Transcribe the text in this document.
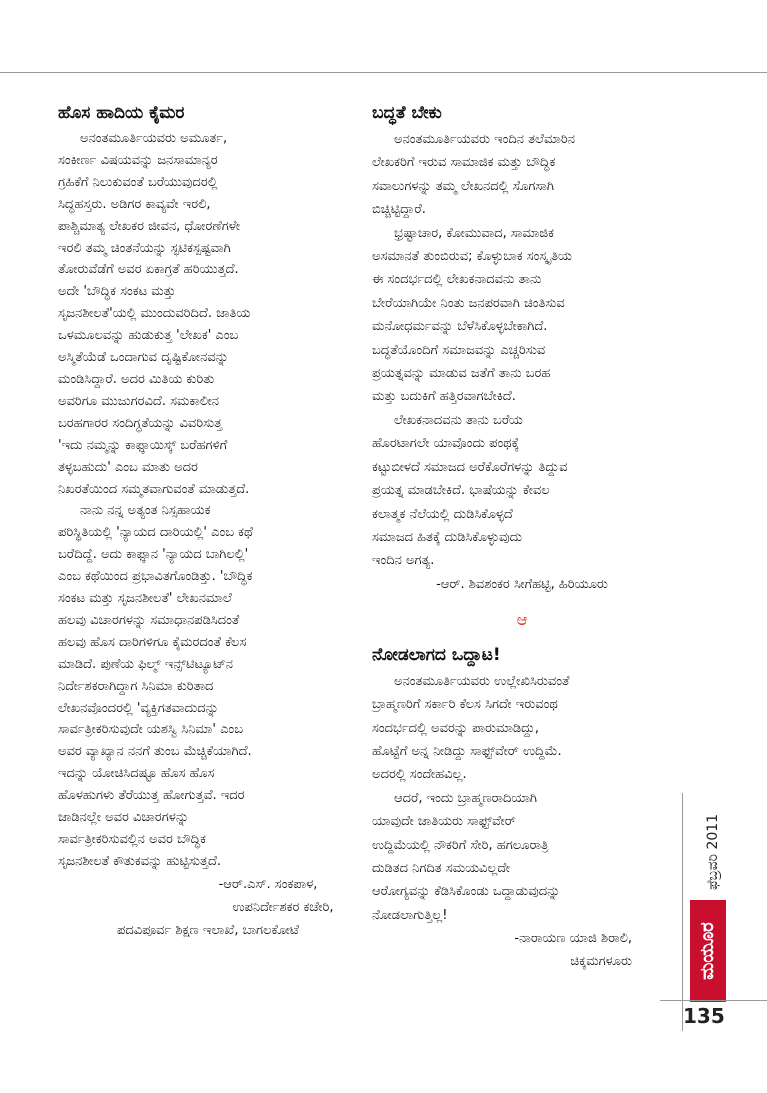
ಹೊಸ ಹಾದಿಯ ಕೈಮರ
ಅನಂತಮೂರ್ತಿಯವರು ಅಮೂರ್ತ,
ಸಂಕೀರ್ಣ ವಿಷಯವನ್ನು ಜನಸಾಮಾನ್ಯರ
ಗ್ರಹಿಕೆಗೆ ನಿಲುಕುವಂತೆ ಬರೆಯುವುದರಲ್ಲಿ
ಸಿದ್ಧಹಸ್ತರು. ಅಡಿಗರ ಕಾವ್ಯವೇ ಇರಲಿ,
ಪಾಶ್ಚಿಮಾತ್ಯ ಲೇಖಕರ ಜೀವನ, ಧೋರಣೆಗಳೇ
ಇರಲಿ ತಮ್ಮ ಚಿಂತನೆಯನ್ನು ಸ್ಫಟಿಕಸ್ಪಷ್ಟವಾಗಿ
ತೋರುವೆಡೆಗೆ ಅವರ ಏಕಾಗ್ರತೆ ಹರಿಯುತ್ತದೆ.
ಅದೇ 'ಬೌದ್ಧಿಕ ಸಂಕಟ ಮತ್ತು
ಸೃಜನಶೀಲತೆ'ಯಲ್ಲಿ ಮುಂದುವರಿದಿದೆ. ಜಾತಿಯ
ಒಳಮೂಲವನ್ನು ಹುಡುಕುತ್ತ 'ಲೇಖಕ' ಎಂಬ
ಅಸ್ಮಿತೆಯೆಡೆ ಒಂದಾಗುವ ದೃಷ್ಟಿಕೋನವನ್ನು
ಮಂಡಿಸಿದ್ದಾರೆ. ಅದರ ಮಿತಿಯ ಕುರಿತು
ಅವರಿಗೂ ಮುಜುಗರವಿದೆ. ಸಮಕಾಲೀನ
ಬರಹಗಾರರ ಸಂದಿಗ್ಧತೆಯನ್ನು ವಿವರಿಸುತ್ತ
'ಇದು ನಮ್ಮನ್ನು ಕಾಫ್ಕಾಯಿಸ್ಕ್ ಬರೆಹಗಳಿಗೆ
ತಳ್ಳಬಹುದು' ಎಂಬ ಮಾತು ಅದರ
ನಿಖರತೆಯಿಂದ ಸಮ್ಮತವಾಗುವಂತೆ ಮಾಡುತ್ತದೆ.
ನಾನು ನನ್ನ ಅತ್ಯಂತ ನಿಸ್ಸಹಾಯಕ
ಪರಿಸ್ಥಿತಿಯಲ್ಲಿ 'ನ್ಯಾಯದ ದಾರಿಯಲ್ಲಿ' ಎಂಬ ಕಥೆ
ಬರೆದಿದ್ದೆ. ಅದು ಕಾಫ್ಕಾನ 'ನ್ಯಾಯದ ಬಾಗಿಲಲ್ಲಿ'
ಎಂಬ ಕಥೆಯಿಂದ ಪ್ರಭಾವಿತಗೊಂಡಿತ್ತು. 'ಬೌದ್ಧಿಕ
ಸಂಕಟ ಮತ್ತು ಸೃಜನಶೀಲತೆ' ಲೇಖನಮಾಲೆ
ಹಲವು ವಿಚಾರಗಳನ್ನು ಸಮಾಧಾನಪಡಿಸಿದಂತೆ
ಹಲವು ಹೊಸ ದಾರಿಗಳಿಗೂ ಕೈಮರದಂತೆ ಕೆಲಸ
ಮಾಡಿದೆ. ಪುಣೆಯ ಫಿಲ್ಮ್ ಇನ್ಸ್‌ಟಿಟ್ಯೂಟ್‌ನ
ನಿರ್ದೇಶಕರಾಗಿದ್ದಾಗ ಸಿನಿಮಾ ಕುರಿತಾದ
ಲೇಖನವೊಂದರಲ್ಲಿ 'ವ್ಯಕ್ತಿಗತವಾದುದನ್ನು
ಸಾರ್ವತ್ರೀಕರಿಸುವುದೇ ಯಶಸ್ವಿ ಸಿನಿಮಾ' ಎಂಬ
ಅವರ ವ್ಯಾಖ್ಯಾನ ನನಗೆ ತುಂಬ ಮೆಚ್ಚಿಕೆಯಾಗಿದೆ.
ಇದನ್ನು ಯೋಚಿಸಿದಷ್ಟೂ ಹೊಸ ಹೊಸ
ಹೊಳಹುಗಳು ತೆರೆಯುತ್ತ ಹೋಗುತ್ತವೆ. ಇದರ
ಜಾಡಿನಲ್ಲೇ ಅವರ ವಿಚಾರಗಳನ್ನು
ಸಾರ್ವತ್ರೀಕರಿಸುವಲ್ಲಿನ ಅವರ ಬೌದ್ಧಿಕ
ಸೃಜನಶೀಲತೆ ಕೌತುಕವನ್ನು ಹುಟ್ಟಿಸುತ್ತದೆ.
-ಆರ್.ಎಸ್. ಸಂಕಪಾಳ,
ಉಪನಿರ್ದೇಶಕರ ಕಚೇರಿ,
ಪದವಿಪೂರ್ವ ಶಿಕ್ಷಣ ಇಲಾಖೆ, ಬಾಗಲಕೋಟೆ
ಬದ್ಧತೆ ಬೇಕು
ಅನಂತಮೂರ್ತಿಯವರು ಇಂದಿನ ತಲೆಮಾರಿನ
ಲೇಖಕರಿಗೆ ಇರುವ ಸಾಮಾಜಿಕ ಮತ್ತು ಬೌದ್ಧಿಕ
ಸವಾಲುಗಳನ್ನು ತಮ್ಮ ಲೇಖನದಲ್ಲಿ ಸೊಗಸಾಗಿ
ಬಿಚ್ಚಿಟ್ಟಿದ್ದಾರೆ.
ಭ್ರಷ್ಟಾಚಾರ, ಕೋಮುವಾದ, ಸಾಮಾಜಿಕ
ಅಸಮಾನತೆ ತುಂಬಿರುವ; ಕೊಳ್ಳುಬಾಕ ಸಂಸ್ಕೃತಿಯ
ಈ ಸಂದರ್ಭದಲ್ಲಿ ಲೇಖಕನಾದವನು ತಾನು
ಬೇರೆಯಾಗಿಯೇ ನಿಂತು ಜನಪರವಾಗಿ ಚಿಂತಿಸುವ
ಮನೋಧರ್ಮವನ್ನು ಬೆಳೆಸಿಕೊಳ್ಳಬೇಕಾಗಿದೆ.
ಬದ್ಧತೆಯೊಂದಿಗೆ ಸಮಾಜವನ್ನು ಎಚ್ಚರಿಸುವ
ಪ್ರಯತ್ನವನ್ನು ಮಾಡುವ ಜತೆಗೆ ತಾನು ಬರಹ
ಮತ್ತು ಬದುಕಿಗೆ ಹತ್ತಿರವಾಗಬೇಕಿದೆ.
ಲೇಖಕನಾದವನು ತಾನು ಬರೆಯ
ಹೊರಟಾಗಲೇ ಯಾವೊಂದು ಪಂಥಕ್ಕೆ
ಕಟ್ಟುಬೀಳದೆ ಸಮಾಜದ ಅರೆಕೊರೆಗಳನ್ನು ತಿದ್ದುವ
ಪ್ರಯತ್ನ ಮಾಡಬೇಕಿದೆ. ಭಾಷೆಯನ್ನು ಕೇವಲ
ಕಲಾತ್ಮಕ ನೆಲೆಯಲ್ಲಿ ದುಡಿಸಿಕೊಳ್ಳದೆ
ಸಮಾಜದ ಹಿತಕ್ಕೆ ದುಡಿಸಿಕೊಳ್ಳುವುದು
ಇಂದಿನ ಅಗತ್ಯ.
-ಆರ್. ಶಿವಶಂಕರ ಸೀಗೆಹಟ್ಟಿ, ಹಿರಿಯೂರು
ಆ
ನೋಡಲಾಗದ ಒದ್ದಾಟ!
ಅನಂತಮೂರ್ತಿಯವರು ಉಲ್ಲೇಖಿಸಿರುವಂತೆ
ಬ್ರಾಹ್ಮಣರಿಗೆ ಸರ್ಕಾರಿ ಕೆಲಸ ಸಿಗದೇ ಇರುವಂಥ
ಸಂದರ್ಭದಲ್ಲಿ ಅವರನ್ನು ಪಾರುಮಾಡಿದ್ದು,
ಹೊಟ್ಟೆಗೆ ಅನ್ನ ನೀಡಿದ್ದು ಸಾಫ್ಟ್‌ವೇರ್ ಉದ್ದಿಮೆ.
ಅದರಲ್ಲಿ ಸಂದೇಹವಿಲ್ಲ.
ಆದರೆ, ಇಂದು ಬ್ರಾಹ್ಮಣರಾದಿಯಾಗಿ
ಯಾವುದೇ ಜಾತಿಯರು ಸಾಫ್ಟ್‌ವೇರ್
ಉದ್ದಿಮೆಯಲ್ಲಿ ನೌಕರಿಗೆ ಸೇರಿ, ಹಗಲೂರಾತ್ರಿ
ದುಡಿತದ ನಿಗದಿತ ಸಮಯವಿಲ್ಲದೇ
ಆರೋಗ್ಯವನ್ನು ಕೆಡಿಸಿಕೊಂಡು ಒದ್ದಾಡುವುದನ್ನು
ನೋಡಲಾಗುತ್ತಿಲ್ಲ!
-ನಾರಾಯಣ ಯಾಜಿ ಶಿರಾಲಿ,
ಚಿಕ್ಕಮಗಳೂರು
ಫೆಬ್ರವರಿ 2011
ಮಯೂರ
135
